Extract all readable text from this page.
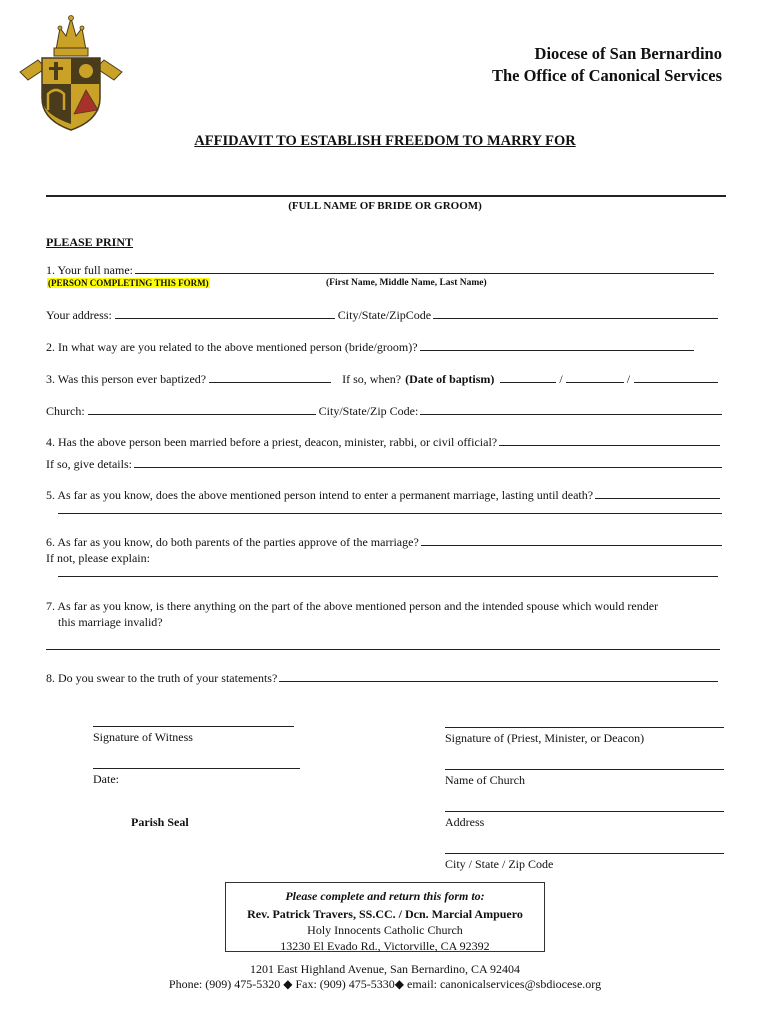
Diocese of San Bernardino
The Office of Canonical Services
AFFIDAVIT TO ESTABLISH FREEDOM TO MARRY FOR
(FULL NAME OF BRIDE OR GROOM)
PLEASE PRINT
1. Your full name:
(PERSON COMPLETING THIS FORM)	(First Name, Middle Name, Last Name)
Your address:	City/State/ZipCode
2. In what way are you related to the above mentioned person (bride/groom)?
3. Was this person ever baptized?	If so, when? (Date of baptism)	/	/
Church:	City/State/Zip Code:
4. Has the above person been married before a priest, deacon, minister, rabbi, or civil official?
If so, give details:
5. As far as you know, does the above mentioned person intend to enter a permanent marriage, lasting until death?
6. As far as you know, do both parents of the parties approve of the marriage?
If not, please explain:
7. As far as you know, is there anything on the part of the above mentioned person and the intended spouse which would render
this marriage invalid?
8. Do you swear to the truth of your statements?
Signature of Witness	Signature of (Priest, Minister, or Deacon)
Date:	Name of Church
Parish Seal	Address
City / State / Zip Code
Please complete and return this form to:
Rev. Patrick Travers, SS.CC. / Dcn. Marcial Ampuero
Holy Innocents Catholic Church
13230 El Evado Rd., Victorville, CA 92392
1201 East Highland Avenue, San Bernardino, CA 92404
Phone: (909) 475-5320 ◆ Fax: (909) 475-5330◆ email: canonicalservices@sbdiocese.org
